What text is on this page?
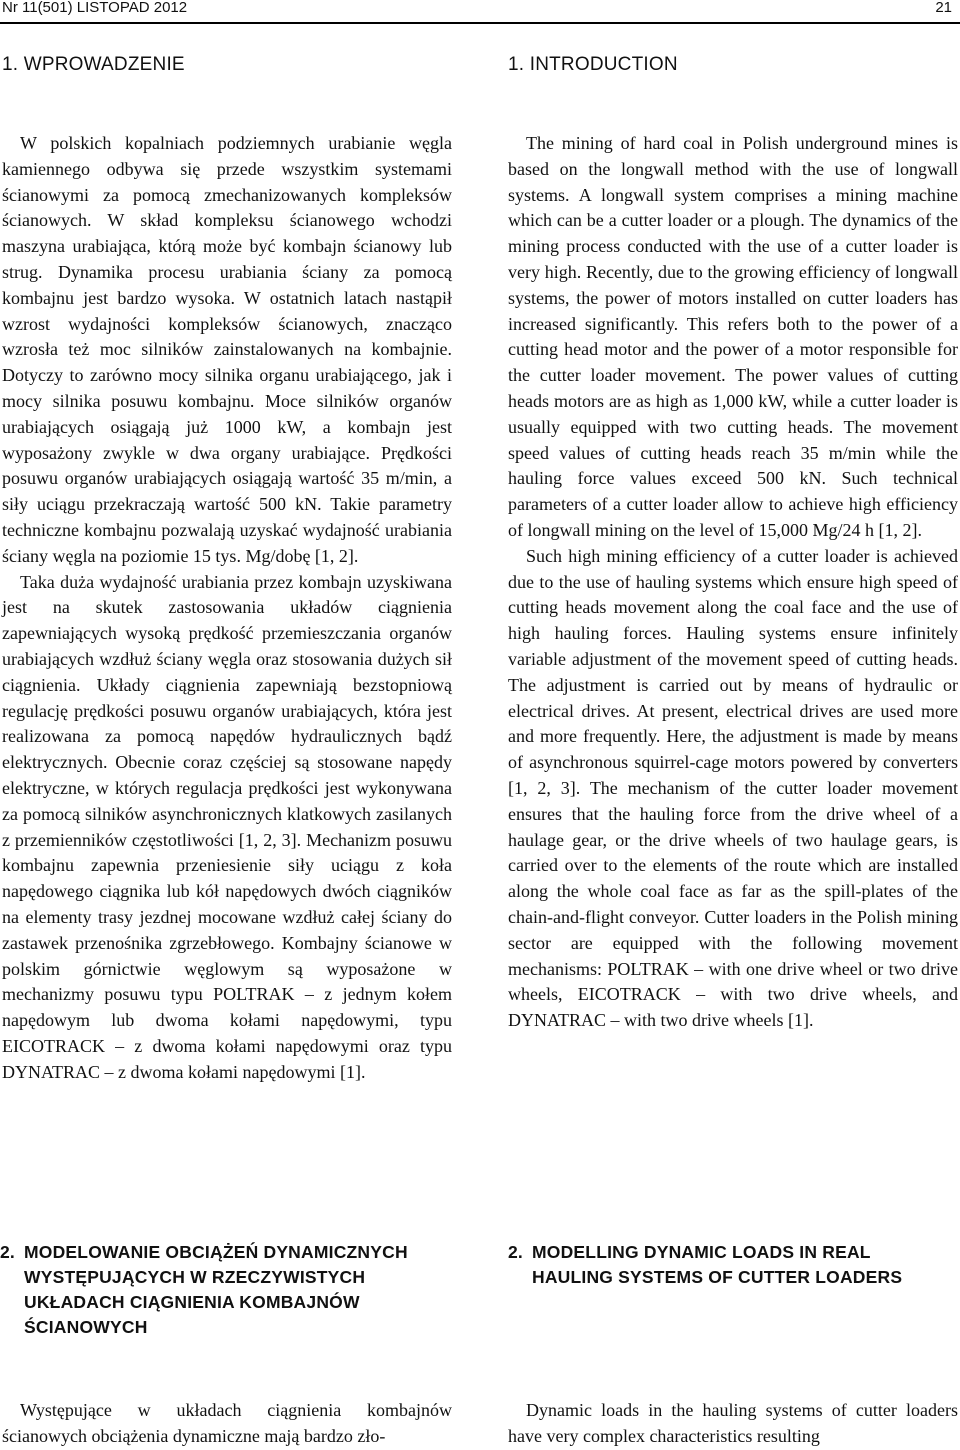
Nr 11(501) LISTOPAD 2012	21
1. WPROWADZENIE

W polskich kopalniach podziemnych urabianie węgla kamiennego odbywa się przede wszystkim systemami ścianowymi za pomocą zmechanizowanych kompleksów ścianowych. W skład kompleksu ścianowego wchodzi maszyna urabiająca, którą może być kombajn ścianowy lub strug. Dynamika procesu urabiania ściany za pomocą kombajnu jest bardzo wysoka. W ostatnich latach nastąpił wzrost wydajności kompleksów ścianowych, znacząco wzrosła też moc silników zainstalowanych na kombajnie. Dotyczy to zarówno mocy silnika organu urabiającego, jak i mocy silnika posuwu kombajnu. Moce silników organów urabiających osiągają już 1000 kW, a kombajn jest wyposażony zwykle w dwa organy urabiające. Prędkości posuwu organów urabiających osiągają wartość 35 m/min, a siły uciągu przekraczają wartość 500 kN. Takie parametry techniczne kombajnu pozwalają uzyskać wydajność urabiania ściany węgla na poziomie 15 tys. Mg/dobę [1, 2].

Taka duża wydajność urabiania przez kombajn uzyskiwana jest na skutek zastosowania układów ciągnienia zapewniających wysoką prędkość przemieszczania organów urabiających wzdłuż ściany węgla oraz stosowania dużych sił ciągnienia. Układy ciągnienia zapewniają bezstopniową regulację prędkości posuwu organów urabiających, która jest realizowana za pomocą napędów hydraulicznych bądź elektrycznych. Obecnie coraz częściej są stosowane napędy elektryczne, w których regulacja prędkości jest wykonywana za pomocą silników asynchronicznych klatkowych zasilanych z przemienników częstotliwości [1, 2, 3]. Mechanizm posuwu kombajnu zapewnia przeniesienie siły uciągu z koła napędowego ciągnika lub kół napędowych dwóch ciągników na elementy trasy jezdnej mocowane wzdłuż całej ściany do zastawek przenośnika zgrzebłowego. Kombajny ścianowe w polskim górnictwie węglowym są wyposażone w mechanizmy posuwu typu POLTRAK – z jednym kołem napędowym lub dwoma kołami napędowymi, typu EICOTRACK – z dwoma kołami napędowymi oraz typu DYNATRAC – z dwoma kołami napędowymi [1].

1. INTRODUCTION

The mining of hard coal in Polish underground mines is based on the longwall method with the use of longwall systems. A longwall system comprises a mining machine which can be a cutter loader or a plough. The dynamics of the mining process conducted with the use of a cutter loader is very high. Recently, due to the growing efficiency of longwall systems, the power of motors installed on cutter loaders has increased significantly. This refers both to the power of a cutting head motor and the power of a motor responsible for the cutter loader movement. The power values of cutting heads motors are as high as 1,000 kW, while a cutter loader is usually equipped with two cutting heads. The movement speed values of cutting heads reach 35 m/min while the hauling force values exceed 500 kN. Such technical parameters of a cutter loader allow to achieve high efficiency of longwall mining on the level of 15,000 Mg/24 h [1, 2].

Such high mining efficiency of a cutter loader is achieved due to the use of hauling systems which ensure high speed of cutting heads movement along the coal face and the use of high hauling forces. Hauling systems ensure infinitely variable adjustment of the movement speed of cutting heads. The adjustment is carried out by means of hydraulic or electrical drives. At present, electrical drives are used more and more frequently. Here, the adjustment is made by means of asynchronous squirrel-cage motors powered by converters [1, 2, 3]. The mechanism of the cutter loader movement ensures that the hauling force from the drive wheel of a haulage gear, or the drive wheels of two haulage gears, is carried over to the elements of the route which are installed along the whole coal face as far as the spill-plates of the chain-and-flight conveyor. Cutter loaders in the Polish mining sector are equipped with the following movement mechanisms: POLTRAK – with one drive wheel or two drive wheels, EICOTRACK – with two drive wheels, and DYNATRAC – with two drive wheels [1].

2. MODELOWANIE OBCIĄŻEŃ DYNAMICZNYCH WYSTĘPUJĄCYCH W RZECZYWISTYCH UKŁADACH CIĄGNIENIA KOMBAJNÓW ŚCIANOWYCH
2. MODELLING DYNAMIC LOADS IN REAL HAULING SYSTEMS OF CUTTER LOADERS

Występujące w układach ciągnienia kombajnów ścianowych obciążenia dynamiczne mają bardzo zło-

Dynamic loads in the hauling systems of cutter loaders have very complex characteristics resulting
